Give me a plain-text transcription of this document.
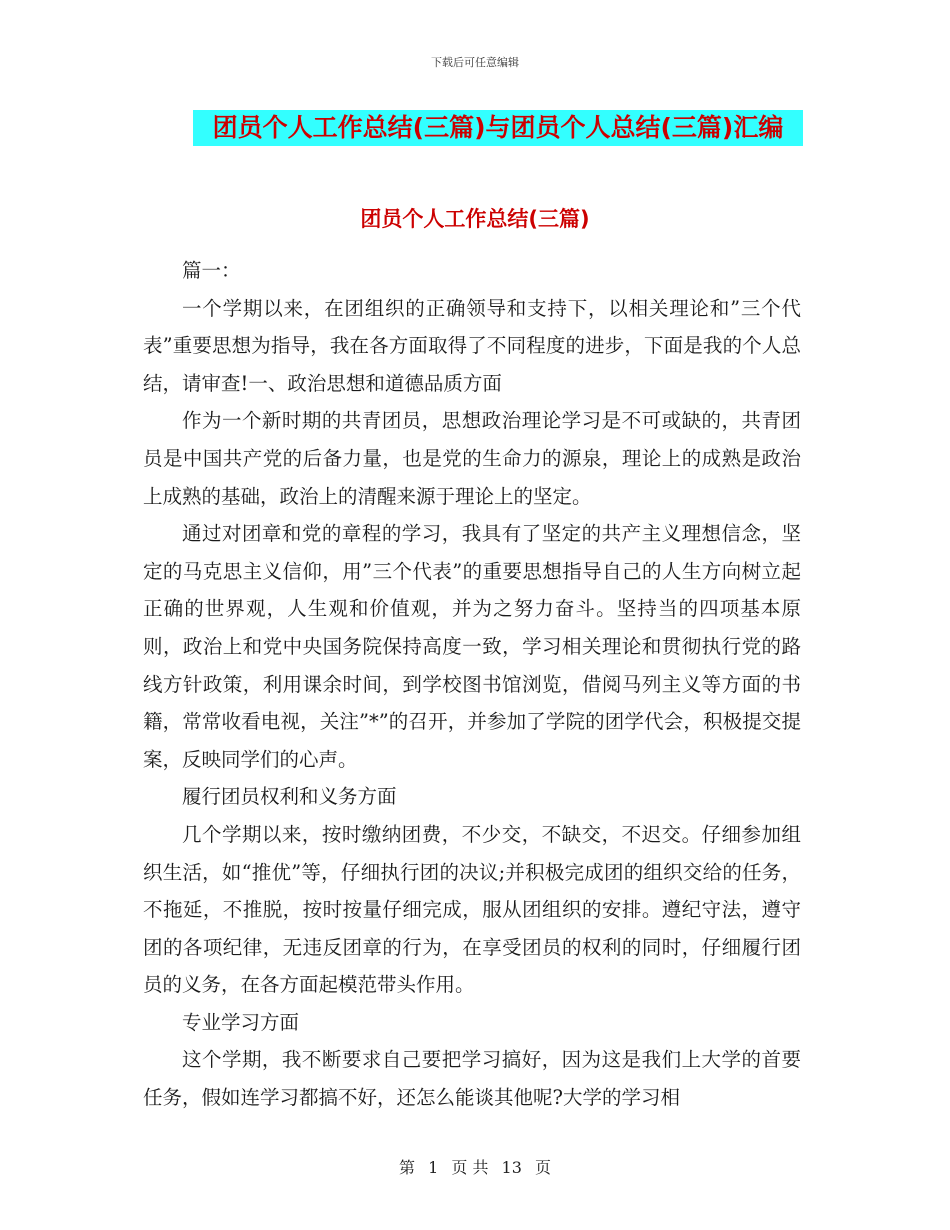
下载后可任意编辑
团员个人工作总结(三篇)与团员个人总结(三篇)汇编
团员个人工作总结(三篇)

篇一：

一个学期以来，在团组织的正确领导和支持下，以相关理论和”三个代表”重要思想为指导，我在各方面取得了不同程度的进步，下面是我的个人总结，请审查!一、政治思想和道德品质方面

作为一个新时期的共青团员，思想政治理论学习是不可或缺的，共青团员是中国共产党的后备力量，也是党的生命力的源泉，理论上的成熟是政治上成熟的基础，政治上的清醒来源于理论上的坚定。

通过对团章和党的章程的学习，我具有了坚定的共产主义理想信念，坚定的马克思主义信仰，用”三个代表”的重要思想指导自己的人生方向树立起正确的世界观，人生观和价值观，并为之努力奋斗。坚持当的四项基本原则，政治上和党中央国务院保持高度一致，学习相关理论和贯彻执行党的路线方针政策，利用课余时间，到学校图书馆浏览，借阅马列主义等方面的书籍，常常收看电视，关注”*”的召开，并参加了学院的团学代会，积极提交提案，反映同学们的心声。

履行团员权利和义务方面

几个学期以来，按时缴纳团费，不少交，不缺交，不迟交。仔细参加组织生活，如“推优”等，仔细执行团的决议;并积极完成团的组织交给的任务，不拖延，不推脱，按时按量仔细完成，服从团组织的安排。遵纪守法，遵守团的各项纪律，无违反团章的行为，在享受团员的权利的同时，仔细履行团员的义务，在各方面起模范带头作用。

专业学习方面

这个学期，我不断要求自己要把学习搞好，因为这是我们上大学的首要任务，假如连学习都搞不好，还怎么能谈其他呢?大学的学习相

第 1 页 共 13 页
